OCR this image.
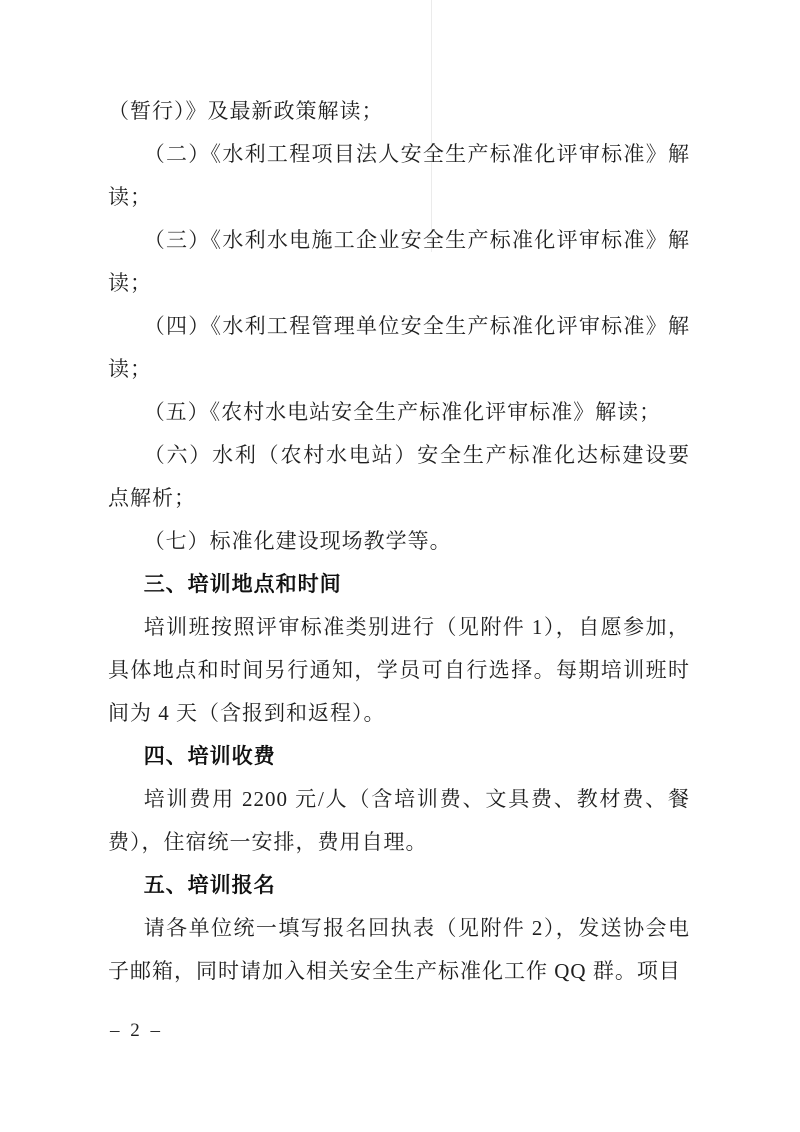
（暂行）》及最新政策解读；

（二）《水利工程项目法人安全生产标准化评审标准》解读；

（三）《水利水电施工企业安全生产标准化评审标准》解读；

（四）《水利工程管理单位安全生产标准化评审标准》解读；

（五）《农村水电站安全生产标准化评审标准》解读；

（六）水利（农村水电站）安全生产标准化达标建设要点解析；

（七）标准化建设现场教学等。

三、培训地点和时间

培训班按照评审标准类别进行（见附件 1），自愿参加，具体地点和时间另行通知，学员可自行选择。每期培训班时间为 4 天（含报到和返程）。

四、培训收费

培训费用 2200 元/人（含培训费、文具费、教材费、餐费），住宿统一安排，费用自理。

五、培训报名

请各单位统一填写报名回执表（见附件 2），发送协会电子邮箱，同时请加入相关安全生产标准化工作 QQ 群。项目

– 2 –
